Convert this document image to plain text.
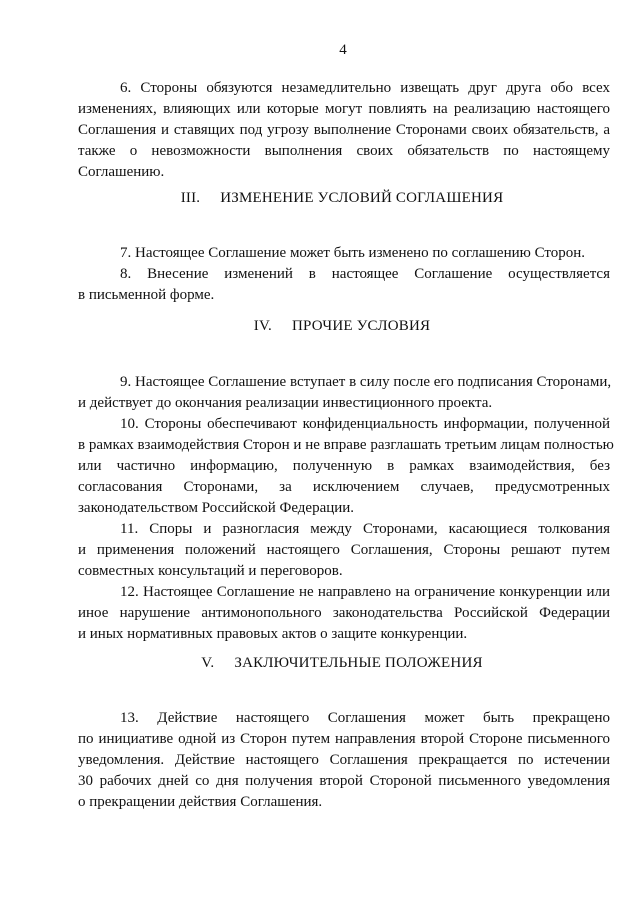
4
6. Стороны обязуются незамедлительно извещать друг друга обо всех
изменениях, влияющих или которые могут повлиять на реализацию настоящего
Соглашения и ставящих под угрозу выполнение Сторонами своих обязательств, а
также о невозможности выполнения своих обязательств по настоящему
Соглашению.
III. ИЗМЕНЕНИЕ УСЛОВИЙ СОГЛАШЕНИЯ
7. Настоящее Соглашение может быть изменено по соглашению Сторон.
8. Внесение изменений в настоящее Соглашение осуществляется
в письменной форме.
IV. ПРОЧИЕ УСЛОВИЯ
9. Настоящее Соглашение вступает в силу после его подписания Сторонами,
и действует до окончания реализации инвестиционного проекта.
10. Стороны обеспечивают конфиденциальность информации, полученной
в рамках взаимодействия Сторон и не вправе разглашать третьим лицам полностью
или частично информацию, полученную в рамках взаимодействия, без
согласования Сторонами, за исключением случаев, предусмотренных
законодательством Российской Федерации.
11. Споры и разногласия между Сторонами, касающиеся толкования
и применения положений настоящего Соглашения, Стороны решают путем
совместных консультаций и переговоров.
12. Настоящее Соглашение не направлено на ограничение конкуренции или
иное нарушение антимонопольного законодательства Российской Федерации
и иных нормативных правовых актов о защите конкуренции.
V. ЗАКЛЮЧИТЕЛЬНЫЕ ПОЛОЖЕНИЯ
13. Действие настоящего Соглашения может быть прекращено
по инициативе одной из Сторон путем направления второй Стороне письменного
уведомления. Действие настоящего Соглашения прекращается по истечении
30 рабочих дней со дня получения второй Стороной письменного уведомления
о прекращении действия Соглашения.
